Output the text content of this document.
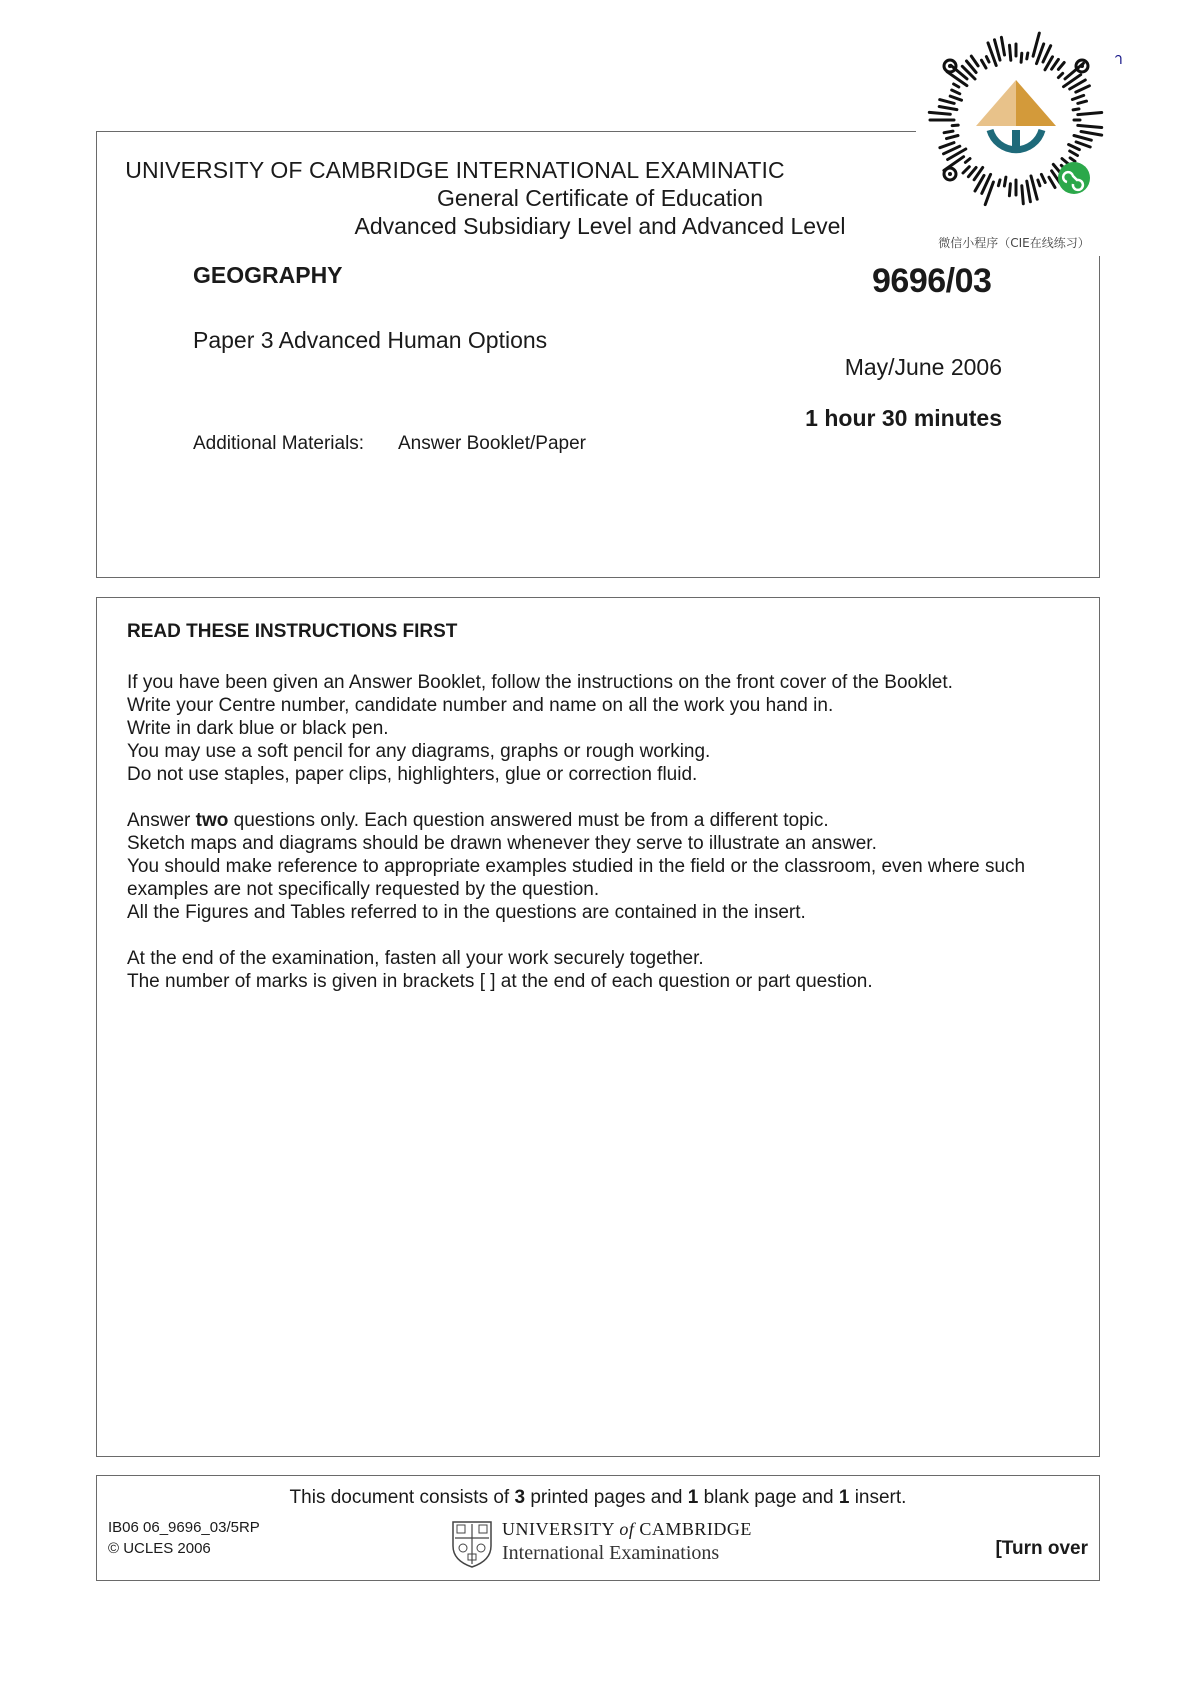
UNIVERSITY OF CAMBRIDGE INTERNATIONAL EXAMINATIC
General Certificate of Education
Advanced Subsidiary Level and Advanced Level
GEOGRAPHY	9696/03
Paper 3 Advanced Human Options
May/June 2006
1 hour 30 minutes
Additional Materials: Answer Booklet/Paper
า
微信小程序（CIE在线练习）
READ THESE INSTRUCTIONS FIRST
If you have been given an Answer Booklet, follow the instructions on the front cover of the Booklet.
Write your Centre number, candidate number and name on all the work you hand in.
Write in dark blue or black pen.
You may use a soft pencil for any diagrams, graphs or rough working.
Do not use staples, paper clips, highlighters, glue or correction fluid.
Answer two questions only. Each question answered must be from a different topic.
Sketch maps and diagrams should be drawn whenever they serve to illustrate an answer.
You should make reference to appropriate examples studied in the field or the classroom, even where such
examples are not specifically requested by the question.
All the Figures and Tables referred to in the questions are contained in the insert.
At the end of the examination, fasten all your work securely together.
The number of marks is given in brackets [ ] at the end of each question or part question.
This document consists of 3 printed pages and 1 blank page and 1 insert.
IB06 06_9696_03/5RP
© UCLES 2006
UNIVERSITY of CAMBRIDGE
International Examinations	[Turn over
